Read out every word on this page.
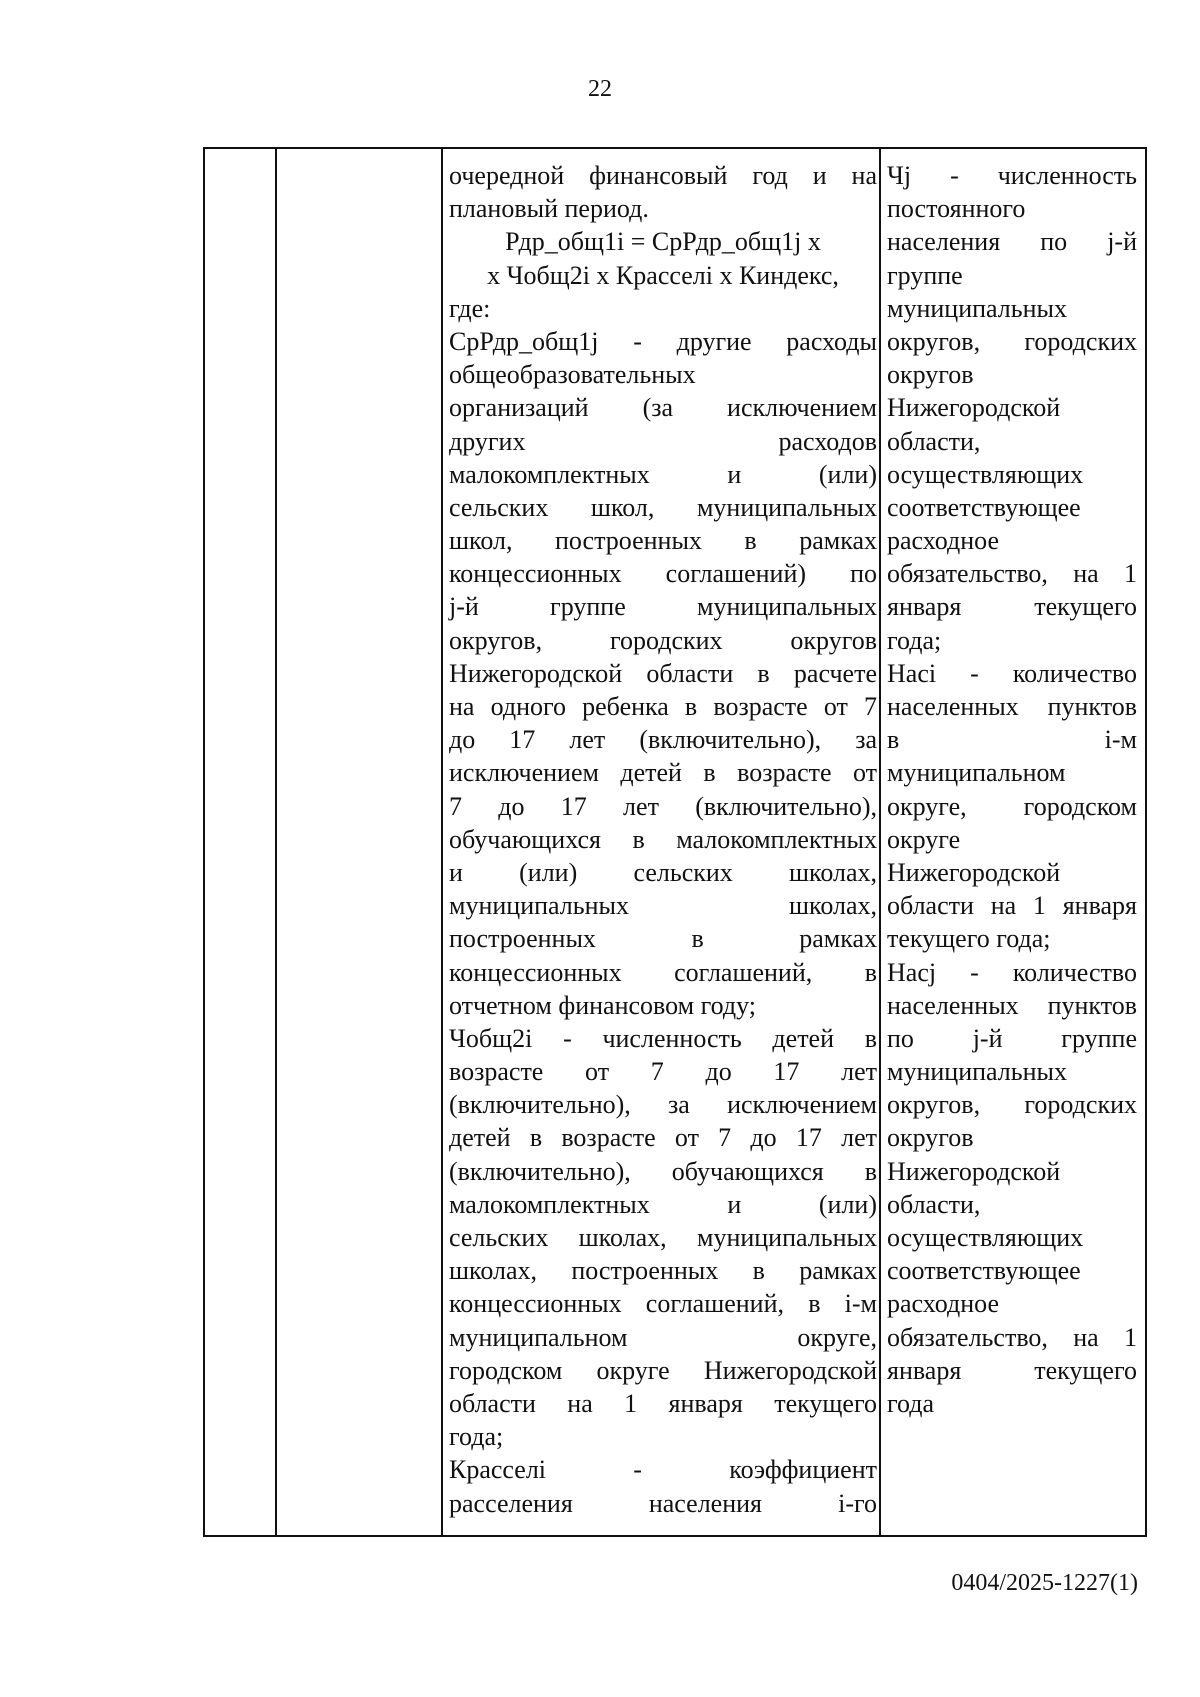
22
очередной финансовый год и на
плановый период.
Рдр_общ1i = СрРдр_общ1j x
x Чобщ2i x Красселi x Киндекс,
где:
СрРдр_общ1j - другие расходы
общеобразовательных
организаций (за исключением
других расходов
малокомплектных и (или)
сельских школ, муниципальных
школ, построенных в рамках
концессионных соглашений) по
j-й группе муниципальных
округов, городских округов
Нижегородской области в расчете
на одного ребенка в возрасте от 7
до 17 лет (включительно), за
исключением детей в возрасте от
7 до 17 лет (включительно),
обучающихся в малокомплектных
и (или) сельских школах,
муниципальных школах,
построенных в рамках
концессионных соглашений, в
отчетном финансовом году;
Чобщ2i - численность детей в
возрасте от 7 до 17 лет
(включительно), за исключением
детей в возрасте от 7 до 17 лет
(включительно), обучающихся в
малокомплектных и (или)
сельских школах, муниципальных
школах, построенных в рамках
концессионных соглашений, в i-м
муниципальном округе,
городском округе Нижегородской
области на 1 января текущего
года;
Красселi - коэффициент
расселения населения i-го
Чj - численность
постоянного
населения по j-й
группе
муниципальных
округов, городских
округов
Нижегородской
области,
осуществляющих
соответствующее
расходное
обязательство, на 1
января текущего
года;
Насi - количество
населенных пунктов
в i-м
муниципальном
округе, городском
округе
Нижегородской
области на 1 января
текущего года;
Насj - количество
населенных пунктов
по j-й группе
муниципальных
округов, городских
округов
Нижегородской
области,
осуществляющих
соответствующее
расходное
обязательство, на 1
января текущего
года
0404/2025-1227(1)
